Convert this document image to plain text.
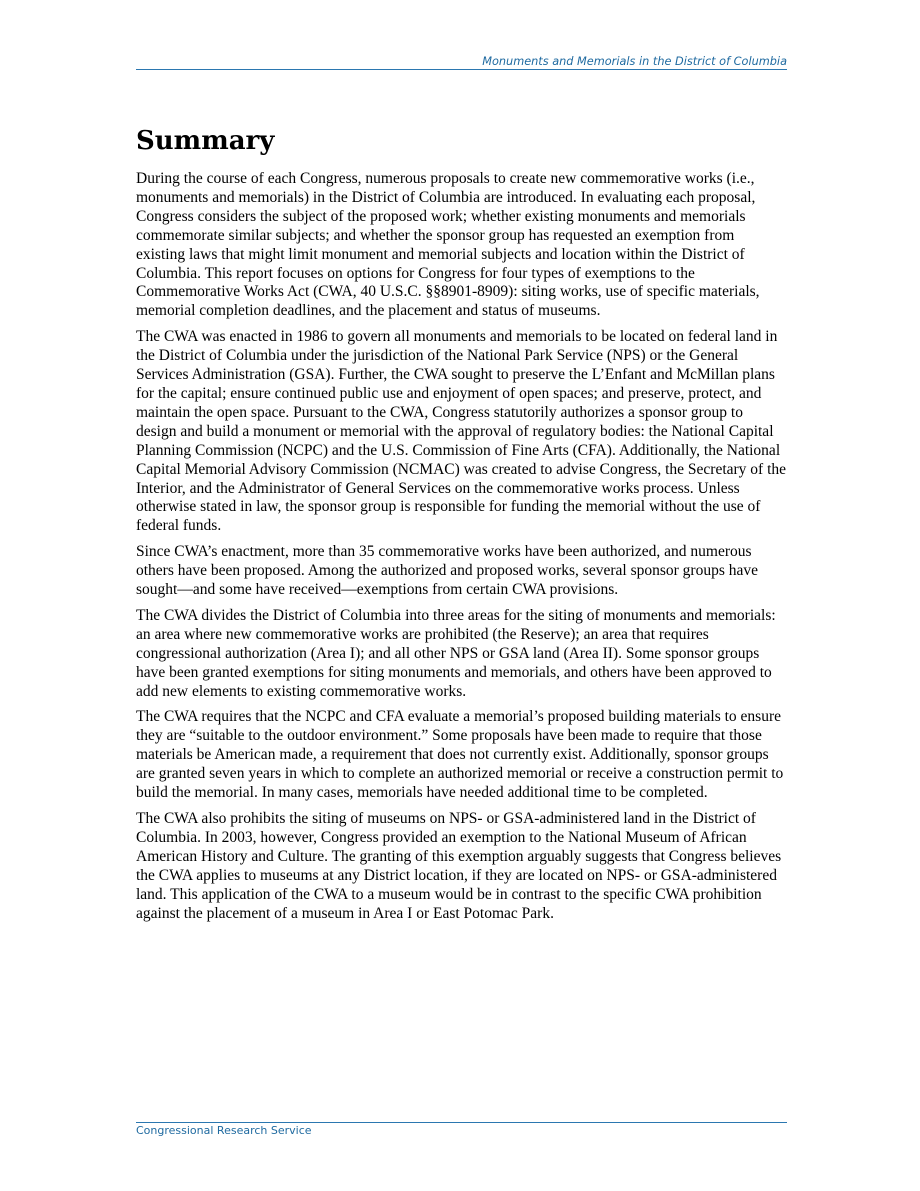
Monuments and Memorials in the District of Columbia
Summary

During the course of each Congress, numerous proposals to create new commemorative works (i.e., monuments and memorials) in the District of Columbia are introduced. In evaluating each proposal, Congress considers the subject of the proposed work; whether existing monuments and memorials commemorate similar subjects; and whether the sponsor group has requested an exemption from existing laws that might limit monument and memorial subjects and location within the District of Columbia. This report focuses on options for Congress for four types of exemptions to the Commemorative Works Act (CWA, 40 U.S.C. §§8901-8909): siting works, use of specific materials, memorial completion deadlines, and the placement and status of museums.

The CWA was enacted in 1986 to govern all monuments and memorials to be located on federal land in the District of Columbia under the jurisdiction of the National Park Service (NPS) or the General Services Administration (GSA). Further, the CWA sought to preserve the L’Enfant and McMillan plans for the capital; ensure continued public use and enjoyment of open spaces; and preserve, protect, and maintain the open space. Pursuant to the CWA, Congress statutorily authorizes a sponsor group to design and build a monument or memorial with the approval of regulatory bodies: the National Capital Planning Commission (NCPC) and the U.S. Commission of Fine Arts (CFA). Additionally, the National Capital Memorial Advisory Commission (NCMAC) was created to advise Congress, the Secretary of the Interior, and the Administrator of General Services on the commemorative works process. Unless otherwise stated in law, the sponsor group is responsible for funding the memorial without the use of federal funds.

Since CWA’s enactment, more than 35 commemorative works have been authorized, and numerous others have been proposed. Among the authorized and proposed works, several sponsor groups have sought—and some have received—exemptions from certain CWA provisions.

The CWA divides the District of Columbia into three areas for the siting of monuments and memorials: an area where new commemorative works are prohibited (the Reserve); an area that requires congressional authorization (Area I); and all other NPS or GSA land (Area II). Some sponsor groups have been granted exemptions for siting monuments and memorials, and others have been approved to add new elements to existing commemorative works.

The CWA requires that the NCPC and CFA evaluate a memorial’s proposed building materials to ensure they are “suitable to the outdoor environment.” Some proposals have been made to require that those materials be American made, a requirement that does not currently exist. Additionally, sponsor groups are granted seven years in which to complete an authorized memorial or receive a construction permit to build the memorial. In many cases, memorials have needed additional time to be completed.

The CWA also prohibits the siting of museums on NPS- or GSA-administered land in the District of Columbia. In 2003, however, Congress provided an exemption to the National Museum of African American History and Culture. The granting of this exemption arguably suggests that Congress believes the CWA applies to museums at any District location, if they are located on NPS- or GSA-administered land. This application of the CWA to a museum would be in contrast to the specific CWA prohibition against the placement of a museum in Area I or East Potomac Park.

Congressional Research Service
